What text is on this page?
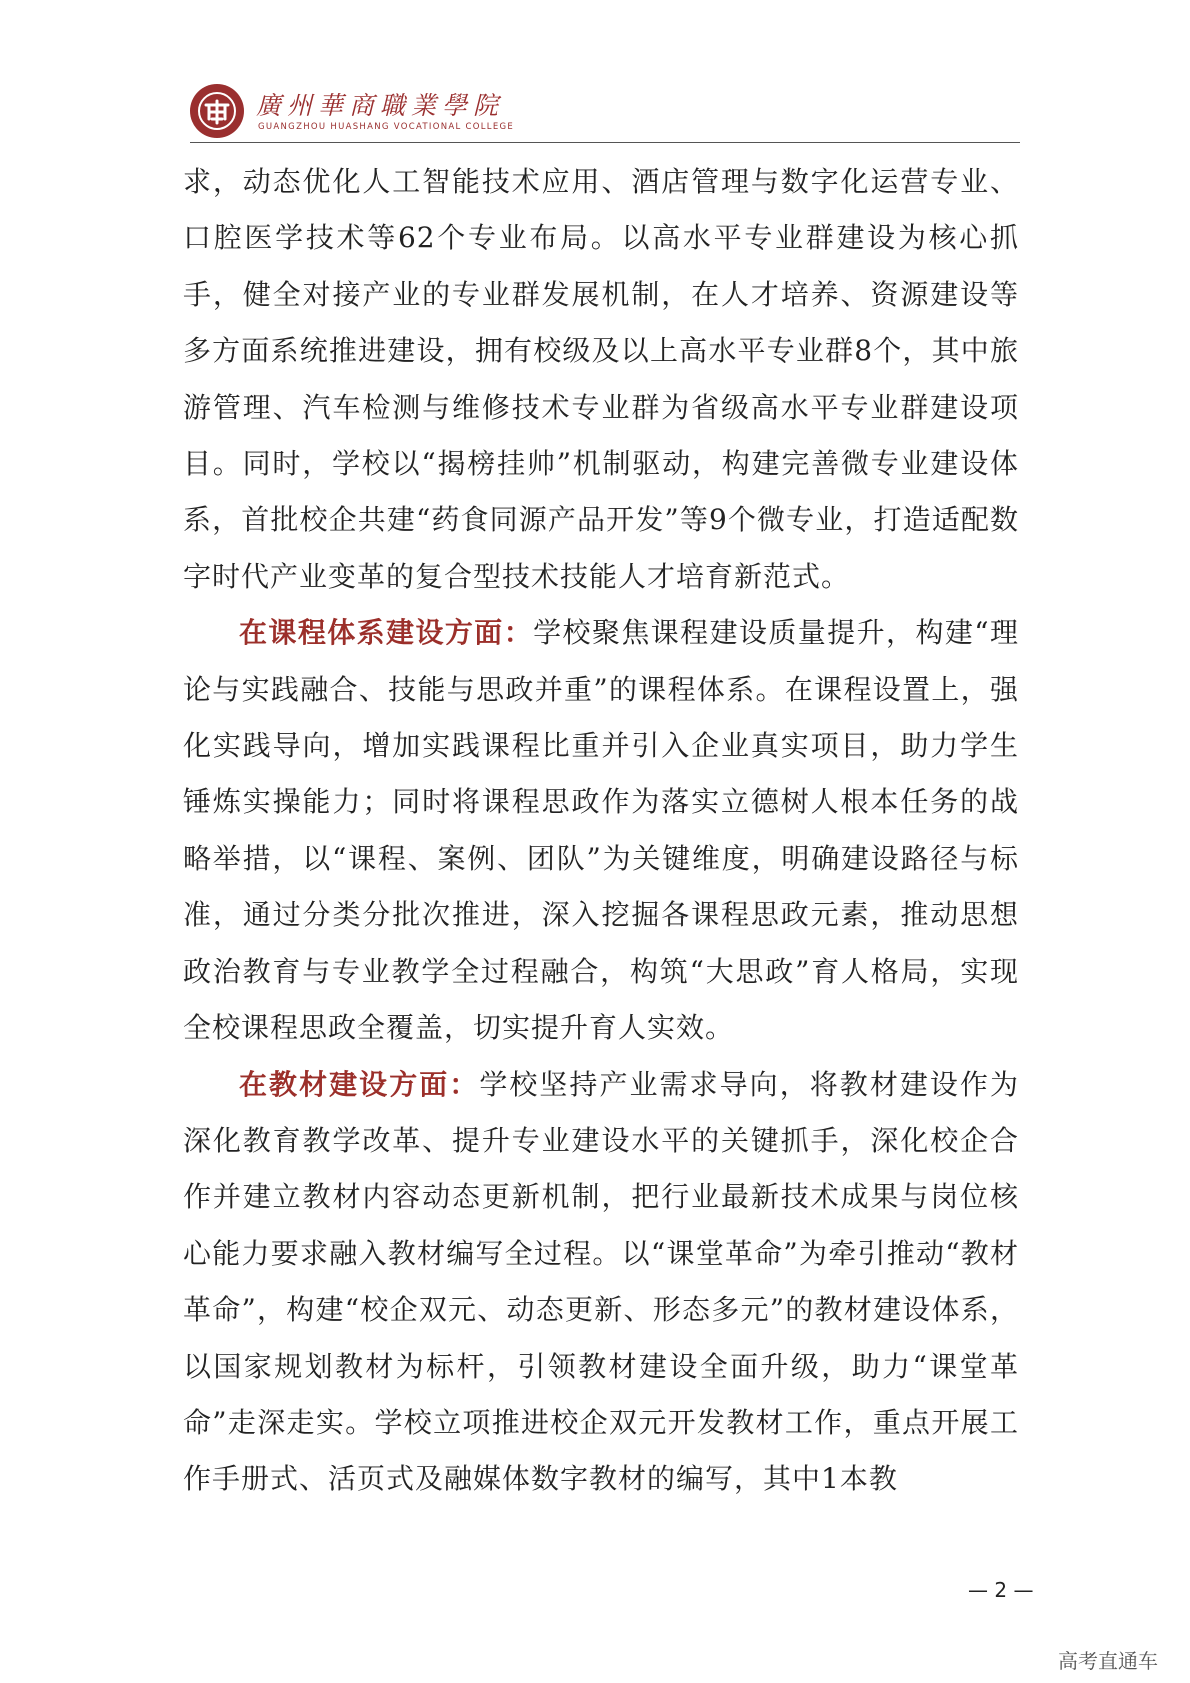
廣州華商職業學院
GUANGZHOU HUASHANG VOCATIONAL COLLEGE

求，动态优化人工智能技术应用、酒店管理与数字化运营专业、口腔医学技术等62个专业布局。以高水平专业群建设为核心抓手，健全对接产业的专业群发展机制，在人才培养、资源建设等多方面系统推进建设，拥有校级及以上高水平专业群8个，其中旅游管理、汽车检测与维修技术专业群为省级高水平专业群建设项目。同时，学校以“揭榜挂帅”机制驱动，构建完善微专业建设体系，首批校企共建“药食同源产品开发”等9个微专业，打造适配数字时代产业变革的复合型技术技能人才培育新范式。

在课程体系建设方面：学校聚焦课程建设质量提升，构建“理论与实践融合、技能与思政并重”的课程体系。在课程设置上，强化实践导向，增加实践课程比重并引入企业真实项目，助力学生锤炼实操能力；同时将课程思政作为落实立德树人根本任务的战略举措，以“课程、案例、团队”为关键维度，明确建设路径与标准，通过分类分批次推进，深入挖掘各课程思政元素，推动思想政治教育与专业教学全过程融合，构筑“大思政”育人格局，实现全校课程思政全覆盖，切实提升育人实效。

在教材建设方面：学校坚持产业需求导向，将教材建设作为深化教育教学改革、提升专业建设水平的关键抓手，深化校企合作并建立教材内容动态更新机制，把行业最新技术成果与岗位核心能力要求融入教材编写全过程。以“课堂革命”为牵引推动“教材革命”，构建“校企双元、动态更新、形态多元”的教材建设体系，以国家规划教材为标杆，引领教材建设全面升级，助力“课堂革命”走深走实。学校立项推进校企双元开发教材工作，重点开展工作手册式、活页式及融媒体数字教材的编写，其中1本教

— 2 —
高考直通车
